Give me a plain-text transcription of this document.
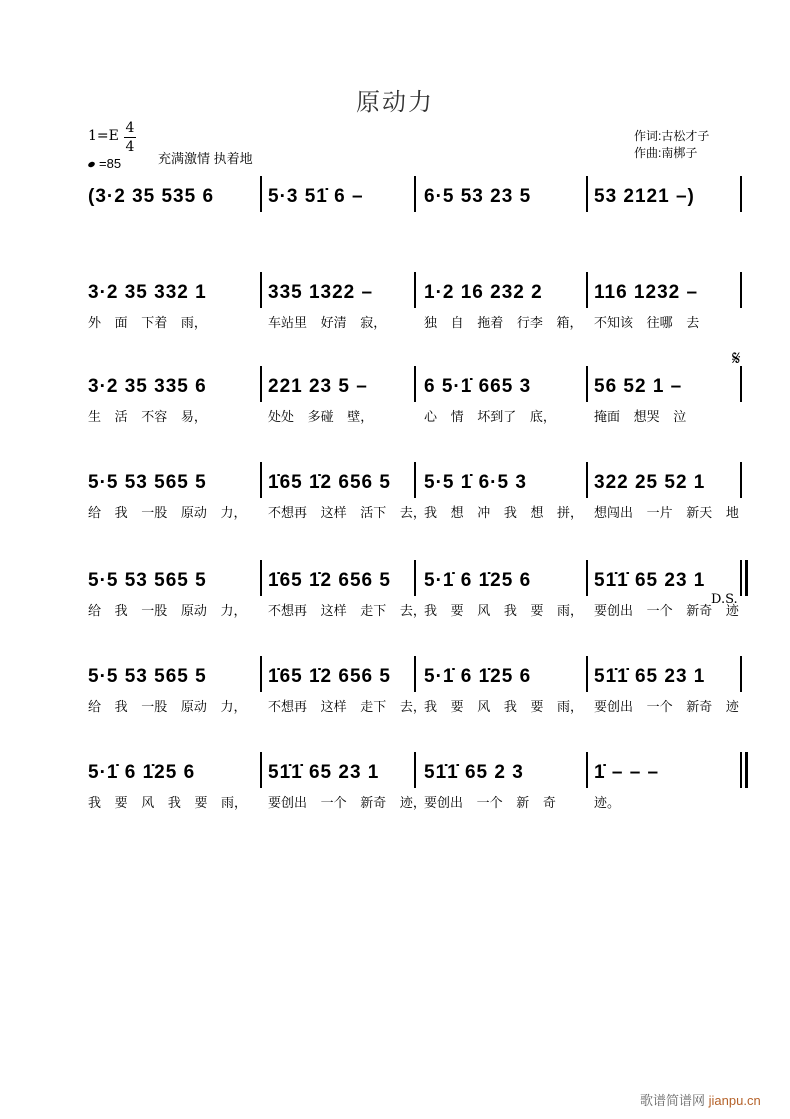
原动力
1=E 4
4
=85	充满激情 执着地
作词:古松才子
作曲:南梆子
(3·2 35 535 6	5·3 51̇ 6 –	6·5 53 23 5	53 2121 –)
3·2 35 332 1
外 面 下着 雨，
335 1322 –
车站里 好清 寂，
1·2 16 232 2
独 自 拖着 行李 箱，
116 1232 –
不知该 往哪 去
3·2 35 335 6
生 活 不容 易，
221 23 5 –
处处 多碰 壁，
6 5·1̇ 665 3
心 情 坏到了 底，
56 52 1 –
掩面 想哭 泣
5·5 53 565 5
给 我 一股 原动 力，
1̇65 1̇2 656 5
不想再 这样 活下 去，
5·5 1̇ 6·5 3
我 想 冲 我 想 拼，
322 25 52 1
想闯出 一片 新天 地
5·5 53 565 5
给 我 一股 原动 力，
1̇65 1̇2 656 5
不想再 这样 走下 去，
5·1̇ 6 1̇25 6
我 要 风 我 要 雨，
51̇1̇ 65 23 1
要创出 一个 新奇 迹
5·5 53 565 5
给 我 一股 原动 力，
1̇65 1̇2 656 5
不想再 这样 走下 去，
5·1̇ 6 1̇25 6
我 要 风 我 要 雨，
51̇1̇ 65 23 1
要创出 一个 新奇 迹
5·1̇ 6 1̇25 6
我 要 风 我 要 雨，
51̇1̇ 65 23 1
要创出 一个 新奇 迹，
51̇1̇ 65 2 3
要创出 一个 新 奇
1̇ – – –
迹。
𝄋
D.S.
歌谱简谱网 jianpu.cn
